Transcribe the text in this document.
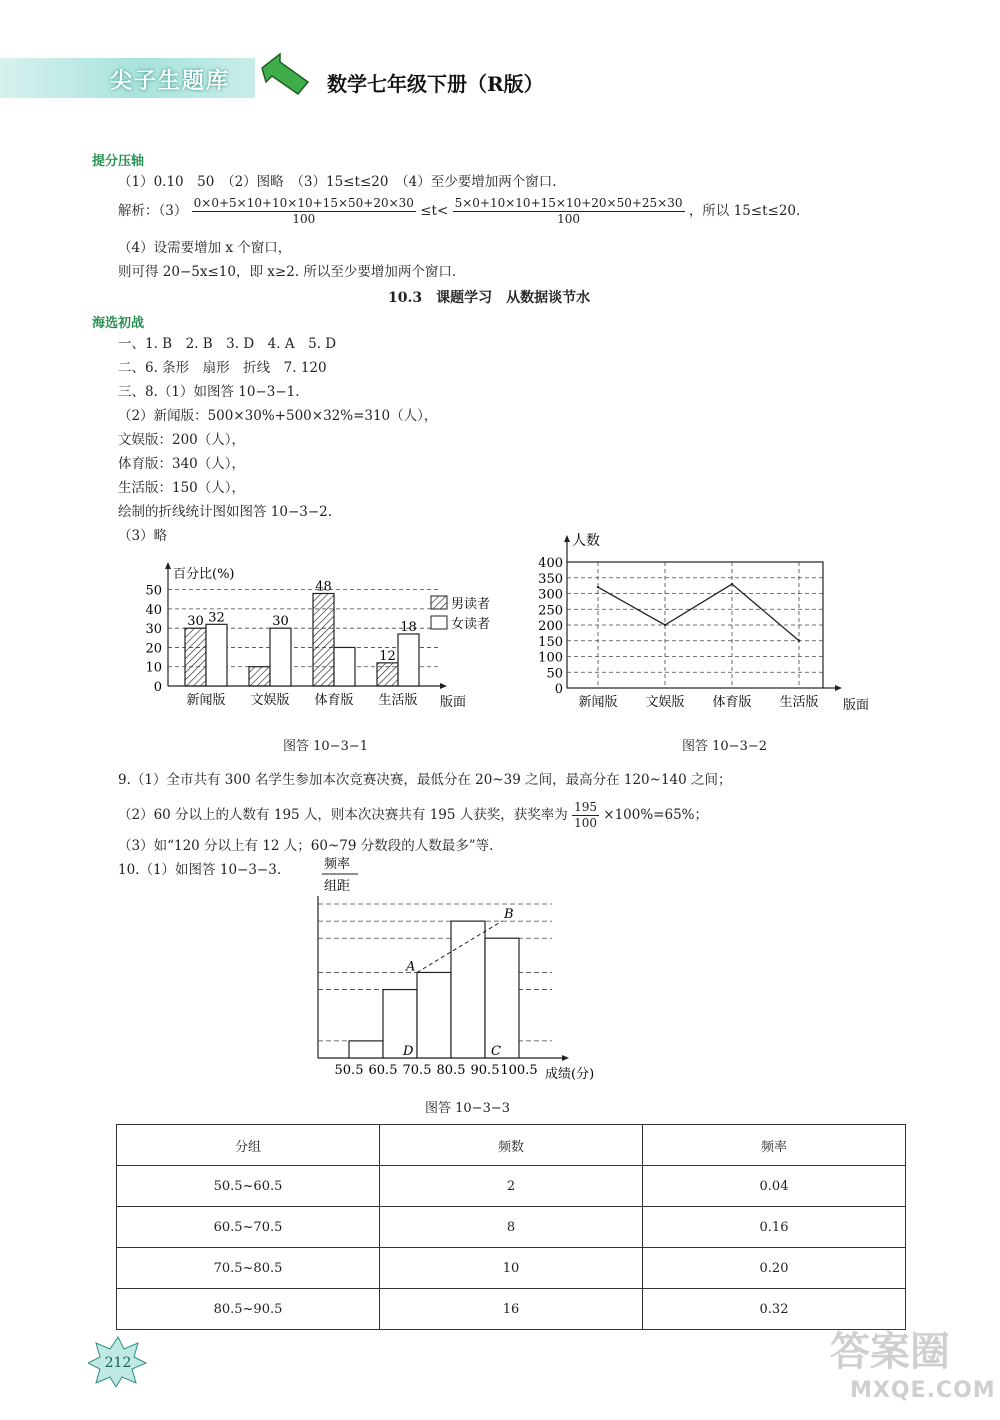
尖子生题库	数学七年级下册（R版）
提分压轴
（1）0.10　50　（2）图略　（3）15≤t≤20　（4）至少要增加两个窗口.
解析：$(3) \frac{0\times 0+5\times 10+10\times 10+15\times 50+20\times 30}{100} \le t< \frac{5\times 0+10\times 10+15\times 10+20\times 50+25\times 30}{100}$ ，所以 15≤t≤20.
（4）设需要增加 x 个窗口，
则可得 20−5x≤10，即 x≥2. 所以至少要增加两个窗口.
10.3　课题学习　从数据谈节水
海选初战
一、1. B　2. B　3. D　4. A　5. D
二、6. 条形　扇形　折线　7. 120
三、8.（1）如图答 10−3−1.
（2）新闻版：500×30%+500×32%=310（人），
文娱版：200（人），
体育版：340（人），
生活版：150（人），
绘制的折线统计图如图答 10−3−2.
（3）略
百分比(%)
版面
0
10
20
30
40
50
新闻版
30 32
文娱版
30
体育版
48
生活版
12
18
男读者
女读者
图答 10−3−1
人数
版面
0
50
100
150
200
250
300
350
400
新闻版 文娱版 体育版 生活版
图答 10−3−2
9.（1）全市共有 300 名学生参加本次竞赛决赛，最低分在 20~39 之间，最高分在 120~140 之间；
（2）60 分以上的人数有 195 人，则本次决赛共有 195 人获奖，获奖率为 $\frac{195}{100} \times 100\%=65\%$；
（3）如“120 分以上有 12 人；60~79 分数段的人数最多”等.
10.（1）如图答 10−3−3.	频率
组距
成绩(分)
50.5 60.5 70.5 80.5 90.5 100.5
A
B
C
D
图答 10−3−3
分组	频数	频率
50.5~60.5	2	0.04
60.5~70.5	8	0.16
70.5~80.5	10	0.20
80.5~90.5	16	0.32
212	答案圈
MXQE.COM
